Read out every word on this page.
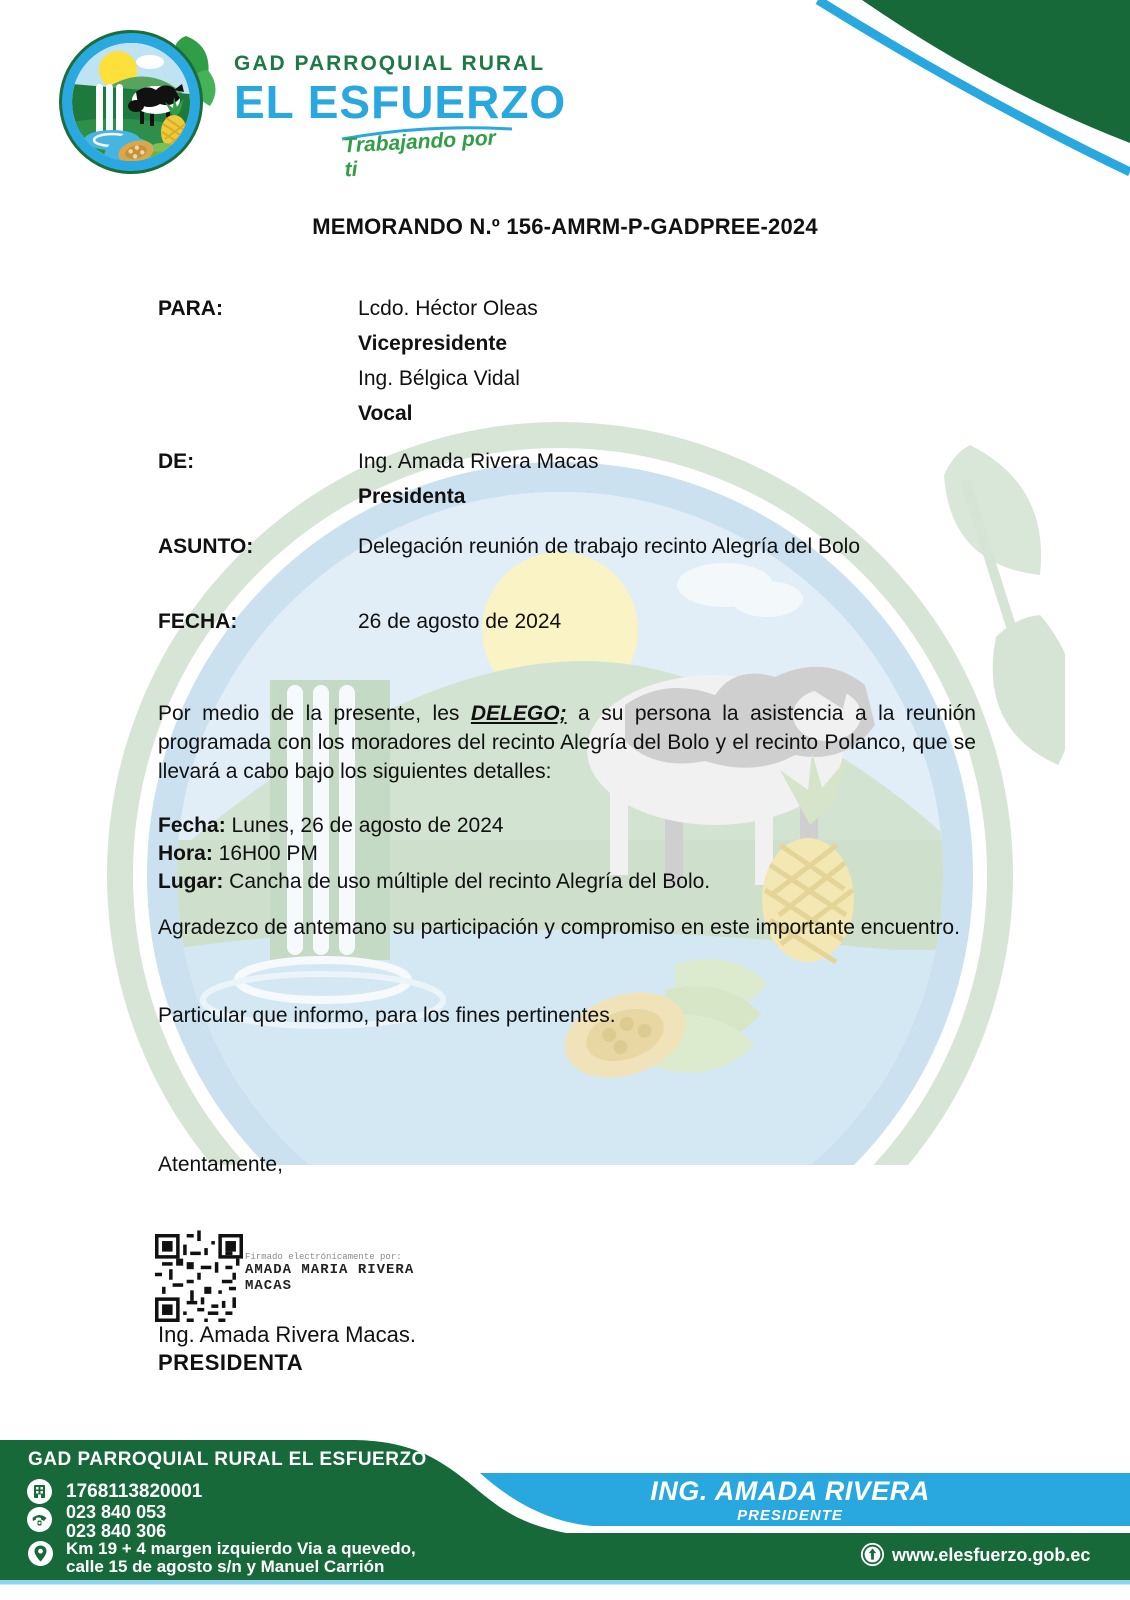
GAD PARROQUIAL RURAL
EL ESFUERZO
Trabajando por ti
MEMORANDO N.º 156-AMRM-P-GADPREE-2024
PARA:	Lcdo. Héctor Oleas
Vicepresidente
Ing. Bélgica Vidal
Vocal
DE:	Ing. Amada Rivera Macas
Presidenta
ASUNTO:	Delegación reunión de trabajo recinto Alegría del Bolo
FECHA:	26 de agosto de 2024
Por medio de la presente, les DELEGO; a su persona la asistencia a la reunión programada con los moradores del recinto Alegría del Bolo y el recinto Polanco, que se llevará a cabo bajo los siguientes detalles:
Fecha: Lunes, 26 de agosto de 2024
Hora: 16H00 PM
Lugar: Cancha de uso múltiple del recinto Alegría del Bolo.
Agradezco de antemano su participación y compromiso en este importante encuentro.
Particular que informo, para los fines pertinentes.
Atentamente,
Firmado electrónicamente por:
AMADA MARIA RIVERA
MACAS
Ing. Amada Rivera Macas.
PRESIDENTA
GAD PARROQUIAL RURAL EL ESFUERZO
1768113820001
023 840 053
023 840 306
Km 19 + 4 margen izquierdo Via a quevedo,
calle 15 de agosto s/n y Manuel Carrión
ING. AMADA RIVERA
PRESIDENTE
www.elesfuerzo.gob.ec
